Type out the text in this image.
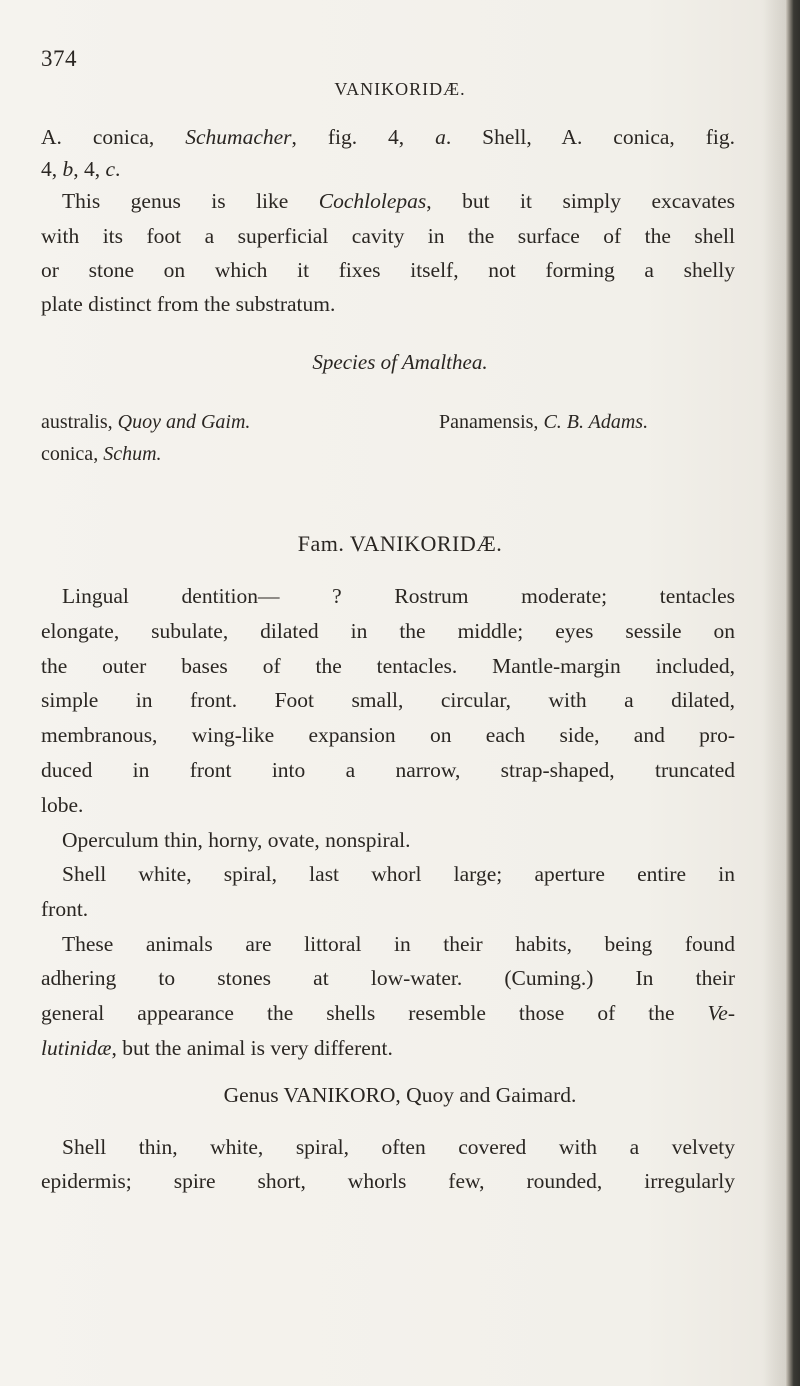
374
VANIKORIDÆ.
A. conica, Schumacher, fig. 4, a. Shell, A. conica, fig.
4, b, 4, c.
This genus is like Cochlolepas, but it simply excavates
with its foot a superficial cavity in the surface of the shell
or stone on which it fixes itself, not forming a shelly
plate distinct from the substratum.
Species of Amalthea.
australis, Quoy and Gaim.
conica, Schum.
Panamensis, C. B. Adams.
Fam. VANIKORIDÆ.
Lingual dentition— ? Rostrum moderate; tentacles
elongate, subulate, dilated in the middle; eyes sessile on
the outer bases of the tentacles. Mantle-margin included,
simple in front. Foot small, circular, with a dilated,
membranous, wing-like expansion on each side, and pro-
duced in front into a narrow, strap-shaped, truncated
lobe.
Operculum thin, horny, ovate, nonspiral.
Shell white, spiral, last whorl large; aperture entire in
front.
These animals are littoral in their habits, being found
adhering to stones at low-water. (Cuming.) In their
general appearance the shells resemble those of the Ve-
Genus VANIKORO, Quoy and Gaimard.
Shell thin, white, spiral, often covered with a velvety
epidermis; spire short, whorls few, rounded, irregularly
lutinidæ, but the animal is very different.
